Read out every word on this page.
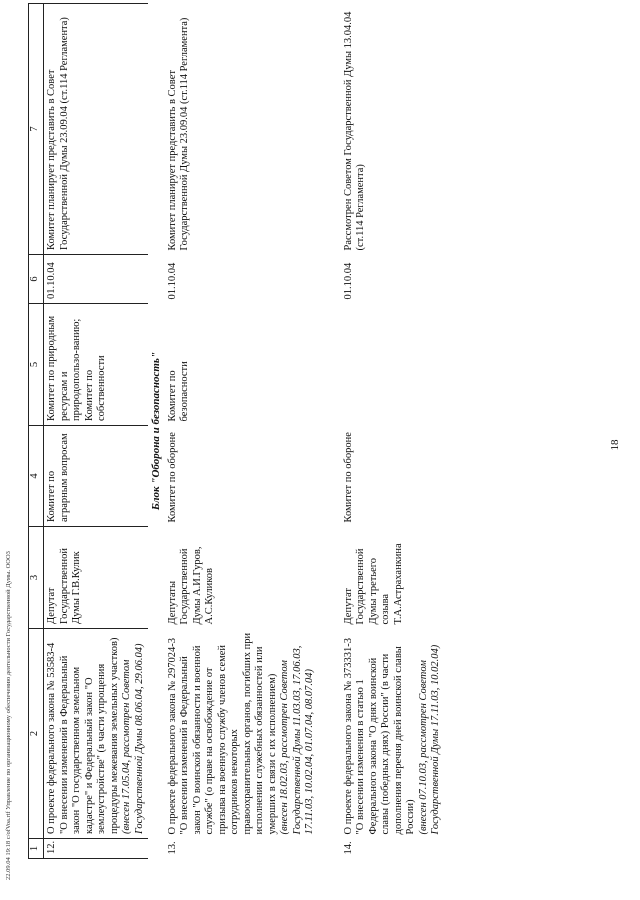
22.09.04 19:18 c/ofVoa.rtf Управление по организационному обеспечению деятельности Государственной Думы. ООО3 1	2	3	4	5	6	7
12.	О проекте федерального закона № 53583-4 "О внесении изменений в Федеральный закон "О государственном земельном кадастре" и Федеральный закон "О землеустройстве" (в части упрощения процедуры межевания земельных участков) (внесен 17.05.04, рассмотрен Советом Государственной Думы 08.06.04, 29.06.04)	Депутат Государственной Думы Г.В.Кулик	Комитет по аграрным вопросам	Комитет по природным ресурсам и природопользо-ванию; Комитет по собственности	01.10.04	Комитет планирует представить в Совет Государственной Думы 23.09.04 (ст.114 Регламента)
Блок "Оборона и безопасность"						
13.	О проекте федерального закона № 297024-3 "О внесении изменений в Федеральный закон "О воинской обязанности и военной службе" (о праве на освобождение от призыва на военную службу членов семей сотрудников некоторых правоохранительных органов, погибших при исполнении служебных обязанностей или умерших в связи с их исполнением) (внесен 18.02.03, рассмотрен Советом Государственной Думы 11.03.03, 17.06.03, 17.11.03, 10.02.04, 01.07.04, 08.07.04)	Депутаты Государственной Думы А.И.Гуров, А.С.Куликов	Комитет по обороне	Комитет по безопасности	01.10.04	Комитет планирует представить в Совет Государственной Думы 23.09.04 (ст.114 Регламента)

14.	О проекте федерального закона № 373331-3 "О внесении изменения в статью 1 Федерального закона "О днях воинской славы (победных днях) России" (в части дополнения перечня дней воинской славы России) (внесен 07.10.03, рассмотрен Советом Государственной Думы 17.11.03, 10.02.04)	Депутат Государственной Думы третьего созыва Т.А.Астраханкина	Комитет по обороне		01.10.04	Рассмотрен Советом Государственной Думы 13.04.04 (ст.114 Регламента)
18
